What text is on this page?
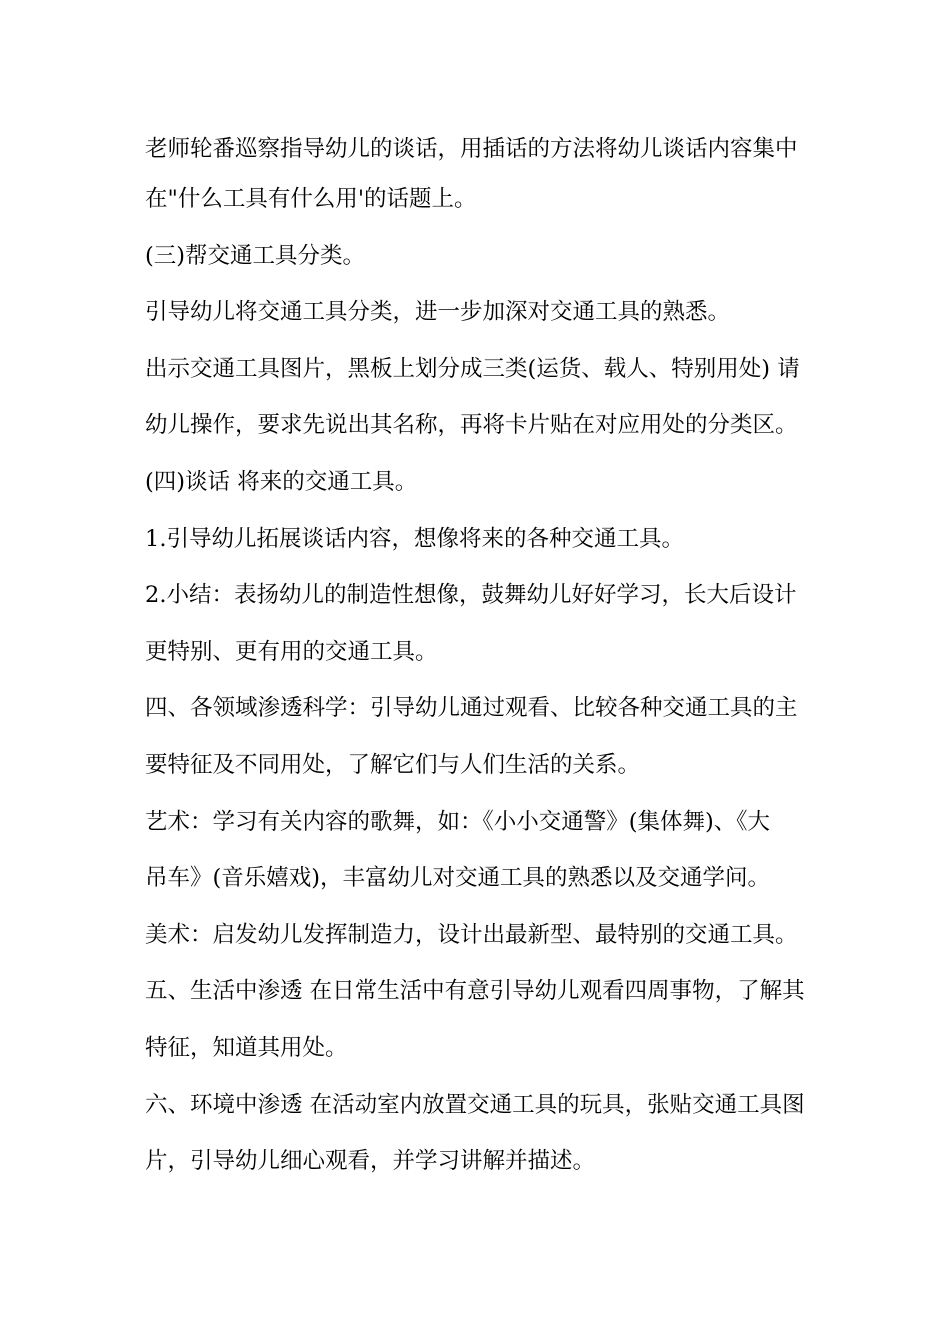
老师轮番巡察指导幼儿的谈话，用插话的方法将幼儿谈话内容集中
在"什么工具有什么用'的话题上。
(三)帮交通工具分类。
引导幼儿将交通工具分类，进一步加深对交通工具的熟悉。
出示交通工具图片，黑板上划分成三类(运货、载人、特别用处) 请
幼儿操作，要求先说出其名称，再将卡片贴在对应用处的分类区。
(四)谈话 将来的交通工具。
1.引导幼儿拓展谈话内容，想像将来的各种交通工具。
2.小结：表扬幼儿的制造性想像，鼓舞幼儿好好学习，长大后设计
更特别、更有用的交通工具。
四、各领域渗透科学：引导幼儿通过观看、比较各种交通工具的主
要特征及不同用处，了解它们与人们生活的关系。
艺术：学习有关内容的歌舞，如：《小小交通警》(集体舞)、《大
吊车》(音乐嬉戏)，丰富幼儿对交通工具的熟悉以及交通学问。
美术：启发幼儿发挥制造力，设计出最新型、最特别的交通工具。
五、生活中渗透 在日常生活中有意引导幼儿观看四周事物，了解其
特征，知道其用处。
六、环境中渗透 在活动室内放置交通工具的玩具，张贴交通工具图
片，引导幼儿细心观看，并学习讲解并描述。
